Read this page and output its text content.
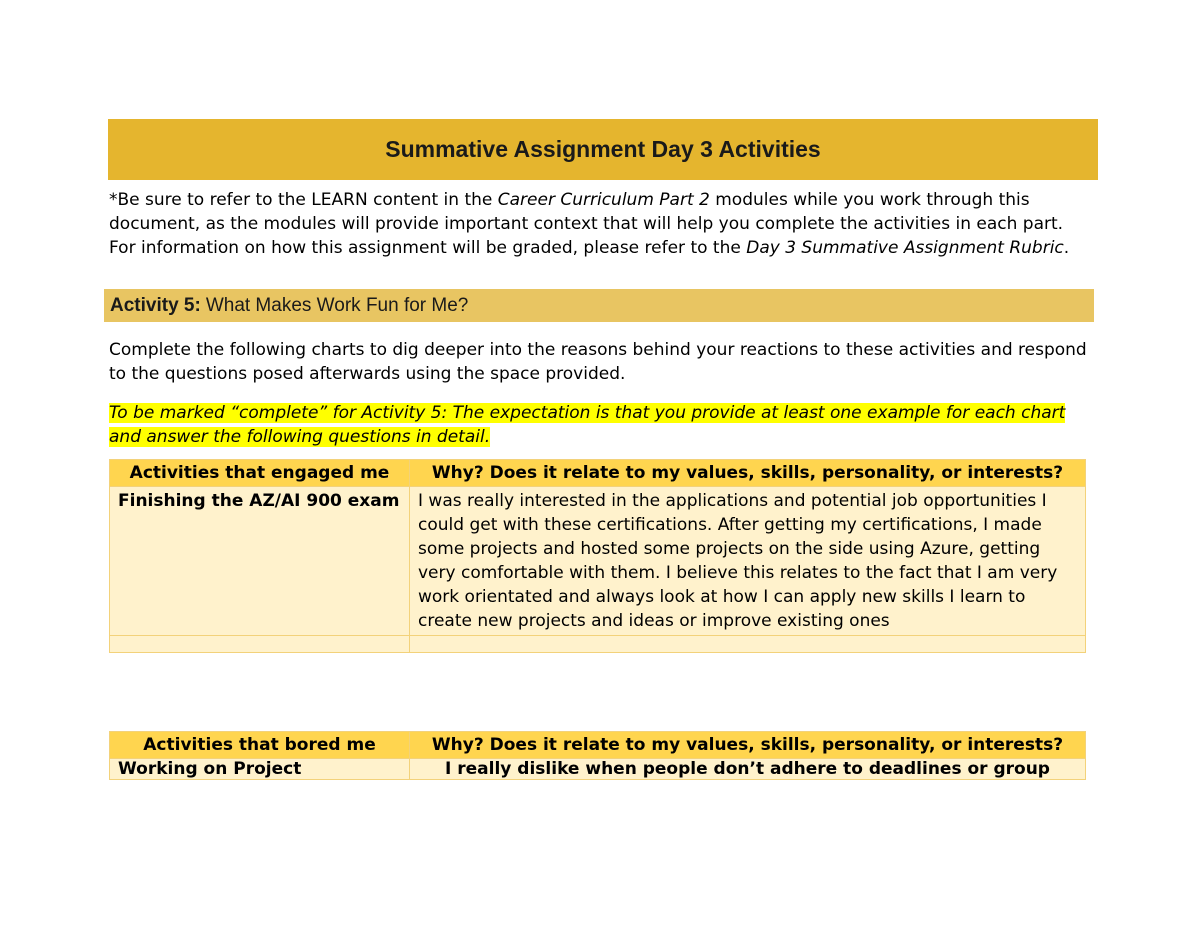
Summative Assignment Day 3 Activities

*Be sure to refer to the LEARN content in the Career Curriculum Part 2 modules while you work through this document, as the modules will provide important context that will help you complete the activities in each part. For information on how this assignment will be graded, please refer to the Day 3 Summative Assignment Rubric.

Activity 5: What Makes Work Fun for Me?

Complete the following charts to dig deeper into the reasons behind your reactions to these activities and respond to the questions posed afterwards using the space provided.

To be marked “complete” for Activity 5: The expectation is that you provide at least one example for each chart and answer the following questions in detail.

Activities that engaged me	Why? Does it relate to my values, skills, personality, or interests?
Finishing the AZ/AI 900 exam	I was really interested in the applications and potential job opportunities I could get with these certifications. After getting my certifications, I made some projects and hosted some projects on the side using Azure, getting very comfortable with them. I believe this relates to the fact that I am very work orientated and always look at how I can apply new skills I learn to create new projects and ideas or improve existing ones

Activities that bored me	Why? Does it relate to my values, skills, personality, or interests?
Working on Project	I really dislike when people don’t adhere to deadlines or group
